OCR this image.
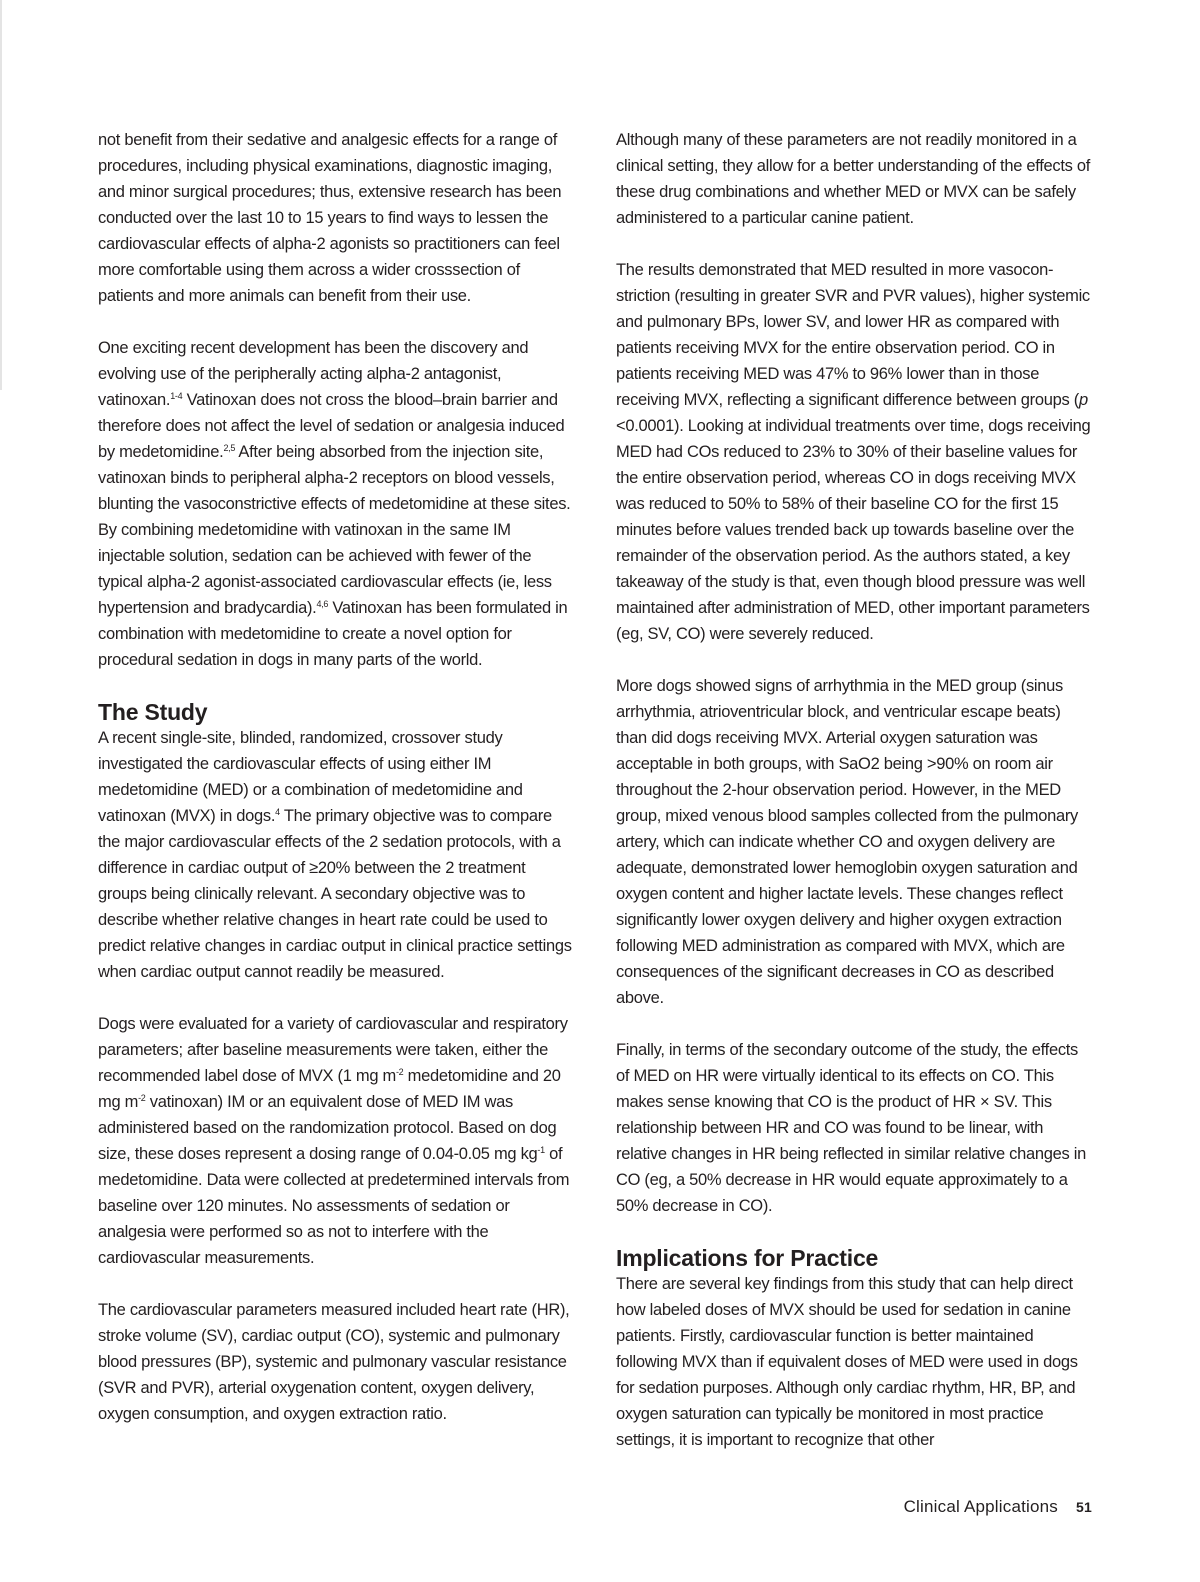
not benefit from their sedative and analgesic effects for a range of procedures, including physical examinations, diagnostic imaging, and minor surgical procedures; thus, extensive research has been conducted over the last 10 to 15 years to find ways to lessen the cardiovascular effects of alpha-2 agonists so practitioners can feel more comfortable using them across a wider crosssection of patients and more animals can benefit from their use.

One exciting recent development has been the discovery and evolving use of the peripherally acting alpha-2 antagonist, vatinoxan.$^{1-4}$ Vatinoxan does not cross the blood–brain barrier and therefore does not affect the level of sedation or analgesia induced by medetomidine.$^{2,5}$ After being absorbed from the injection site, vatinoxan binds to peripheral alpha-2 receptors on blood vessels, blunting the vasoconstrictive effects of medetomidine at these sites. By combining medetomidine with vatinoxan in the same IM injectable solution, sedation can be achieved with fewer of the typical alpha-2 agonist-associated cardiovascular effects (ie, less hypertension and bradycardia).$^{4,6}$ Vatinoxan has been formulated in combination with medetomidine to create a novel option for procedural sedation in dogs in many parts of the world.

The Study

A recent single-site, blinded, randomized, crossover study investigated the cardiovascular effects of using either IM medetomidine (MED) or a combination of medetomidine and vatinoxan (MVX) in dogs.$^4$ The primary objective was to compare the major cardiovascular effects of the 2 sedation protocols, with a difference in cardiac output of ≥20% between the 2 treatment groups being clinically relevant. A secondary objective was to describe whether relative changes in heart rate could be used to predict relative changes in cardiac output in clinical practice settings when cardiac output cannot readily be measured.

Dogs were evaluated for a variety of cardiovascular and respiratory parameters; after baseline measurements were taken, either the recommended label dose of MVX (1 mg $m^{-2}$ medetomidine and 20 mg $m^{-2}$ vatinoxan) IM or an equivalent dose of MED IM was administered based on the randomization protocol. Based on dog size, these doses represent a dosing range of 0.04-0.05 mg $kg^{-1}$ of medetomidine. Data were collected at predetermined intervals from baseline over 120 minutes. No assessments of sedation or analgesia were performed so as not to interfere with the cardiovascular measurements.

The cardiovascular parameters measured included heart rate (HR), stroke volume (SV), cardiac output (CO), systemic and pulmonary blood pressures (BP), systemic and pulmonary vascular resistance (SVR and PVR), arterial oxygenation content, oxygen delivery, oxygen consumption, and oxygen extraction ratio.

Although many of these parameters are not readily monitored in a clinical setting, they allow for a better understanding of the effects of these drug combinations and whether MED or MVX can be safely administered to a particular canine patient.

The results demonstrated that MED resulted in more vasoconstriction (resulting in greater SVR and PVR values), higher systemic and pulmonary BPs, lower SV, and lower HR as compared with patients receiving MVX for the entire observation period. CO in patients receiving MED was 47% to 96% lower than in those receiving MVX, reflecting a significant difference between groups (p <0.0001). Looking at individual treatments over time, dogs receiving MED had COs reduced to 23% to 30% of their baseline values for the entire observation period, whereas CO in dogs receiving MVX was reduced to 50% to 58% of their baseline CO for the first 15 minutes before values trended back up towards baseline over the remainder of the observation period. As the authors stated, a key takeaway of the study is that, even though blood pressure was well maintained after administration of MED, other important parameters (eg, SV, CO) were severely reduced.

More dogs showed signs of arrhythmia in the MED group (sinus arrhythmia, atrioventricular block, and ventricular escape beats) than did dogs receiving MVX. Arterial oxygen saturation was acceptable in both groups, with SaO2 being >90% on room air throughout the 2-hour observation period. However, in the MED group, mixed venous blood samples collected from the pulmonary artery, which can indicate whether CO and oxygen delivery are adequate, demonstrated lower hemoglobin oxygen saturation and oxygen content and higher lactate levels. These changes reflect significantly lower oxygen delivery and higher oxygen extraction following MED administration as compared with MVX, which are consequences of the significant decreases in CO as described above.

Finally, in terms of the secondary outcome of the study, the effects of MED on HR were virtually identical to its effects on CO. This makes sense knowing that CO is the product of HR × SV. This relationship between HR and CO was found to be linear, with relative changes in HR being reflected in similar relative changes in CO (eg, a 50% decrease in HR would equate approximately to a 50% decrease in CO).

Implications for Practice

There are several key findings from this study that can help direct how labeled doses of MVX should be used for sedation in canine patients. Firstly, cardiovascular function is better maintained following MVX than if equivalent doses of MED were used in dogs for sedation purposes. Although only cardiac rhythm, HR, BP, and oxygen saturation can typically be monitored in most practice settings, it is important to recognize that other

Clinical Applications 51
